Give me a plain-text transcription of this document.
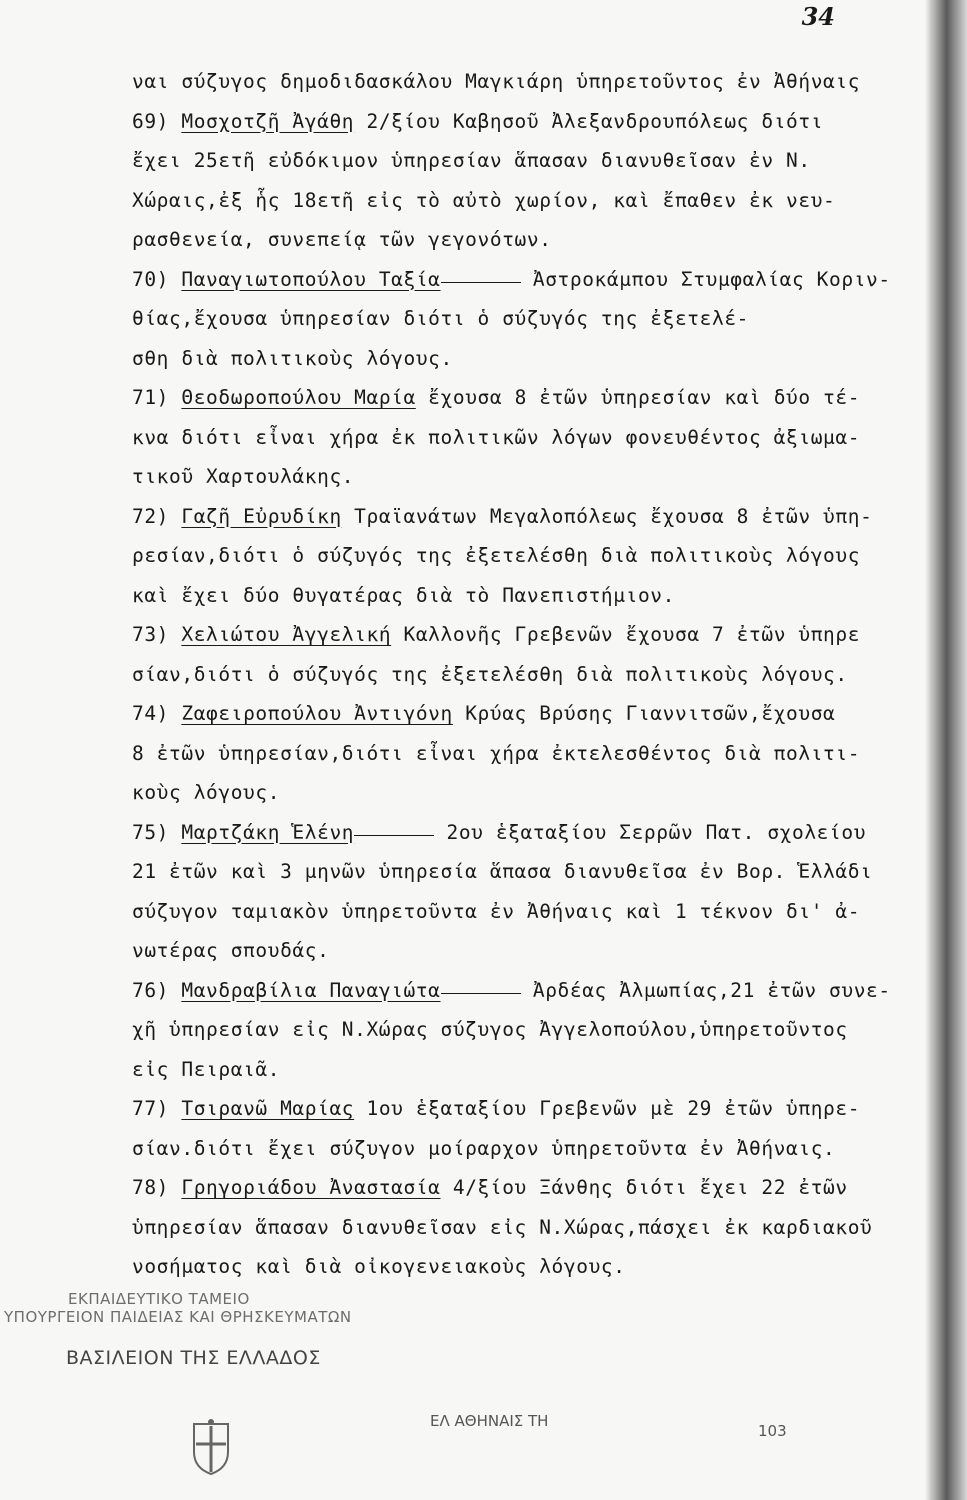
34
ναι σύζυγος δημοδιδασκάλου Μαγκιάρη ὑπηρετοῦντος ἐν Ἀθήναις
69) Μοσχοτζῆ Ἀγάθη 2/ξίου Καβησοῦ Ἀλεξανδρουπόλεως διότι
ἔχει 25ετῆ εὐδόκιμον ὑπηρεσίαν ἅπασαν διανυθεῖσαν ἐν Ν.
Χώραις,ἐξ ἧς 18ετῆ εἰς τὸ αὐτὸ χωρίον, καὶ ἔπαθεν ἐκ νευ-
ρασθενεία, συνεπείᾳ τῶν γεγονότων.
70) Παναγιωτοπούλου Ταξία	Ἀστροκάμπου Στυμφαλίας Κοριν-
θίας,ἔχουσα ὑπηρεσίαν διότι ὁ σύζυγός της ἐξετελέ-
σθη διὰ πολιτικοὺς λόγους.
71) Θεοδωροπούλου Μαρία ἔχουσα 8 ἐτῶν ὑπηρεσίαν καὶ δύο τέ-
κνα διότι εἶναι χήρα ἐκ πολιτικῶν λόγων φονευθέντος ἀξιωμα-
τικοῦ Χαρτουλάκης.
72) Γαζῆ Εὐρυδίκη Τραϊανάτων Μεγαλοπόλεως ἔχουσα 8 ἐτῶν ὑπη-
ρεσίαν,διότι ὁ σύζυγός της ἐξετελέσθη διὰ πολιτικοὺς λόγους
καὶ ἔχει δύο θυγατέρας διὰ τὸ Πανεπιστήμιον.
73) Χελιώτου Ἀγγελική Καλλονῆς Γρεβενῶν ἔχουσα 7 ἐτῶν ὑπηρε
σίαν,διότι ὁ σύζυγός της ἐξετελέσθη διὰ πολιτικοὺς λόγους.
74) Ζαφειροπούλου Ἀντιγόνη Κρύας Βρύσης Γιαννιτσῶν,ἔχουσα
8 ἐτῶν ὑπηρεσίαν,διότι εἶναι χήρα ἐκτελεσθέντος διὰ πολιτι-
κοὺς λόγους.
75) Μαρτζάκη Ἑλένη	2ου ἑξαταξίου Σερρῶν Πατ. σχολείου
21 ἐτῶν καὶ 3 μηνῶν ὑπηρεσία ἅπασα διανυθεῖσα ἐν Βορ. Ἑλλάδι
σύζυγον ταμιακὸν ὑπηρετοῦντα ἐν Ἀθήναις καὶ 1 τέκνον δι' ἀ-
νωτέρας σπουδάς.
76) Μανδραβίλια Παναγιώτα	Ἀρδέας Ἀλμωπίας,21 ἐτῶν συνε-
χῆ ὑπηρεσίαν εἰς Ν.Χώρας σύζυγος Ἀγγελοπούλου,ὑπηρετοῦντος
εἰς Πειραιᾶ.
77) Τσιρανῶ Μαρίας 1ου ἑξαταξίου Γρεβενῶν μὲ 29 ἐτῶν ὑπηρε-
σίαν.διότι ἔχει σύζυγον μοίραρχον ὑπηρετοῦντα ἐν Ἀθήναις.
78) Γρηγοριάδου Ἀναστασία 4/ξίου Ξάνθης διότι ἔχει 22 ἐτῶν
ὑπηρεσίαν ἅπασαν διανυθεῖσαν εἰς Ν.Χώρας,πάσχει ἐκ καρδιακοῦ
νοσήματος καὶ διὰ οἰκογενειακοὺς λόγους.
ΕΚΠΑΙΔΕΥΤΙΚΟ ΤΑΜΕΙΟ
ΥΠΟΥΡΓΕΙΟΝ ΠΑΙΔΕΙΑΣ ΚΑΙ ΘΡΗΣΚΕΥΜΑΤΩΝ
ΒΑΣΙΛΕΙΟΝ ΤΗΣ ΕΛΛΑΔΟΣ
ΕΛ ΑΘΗΝΑΙΣ ΤΗ
103
